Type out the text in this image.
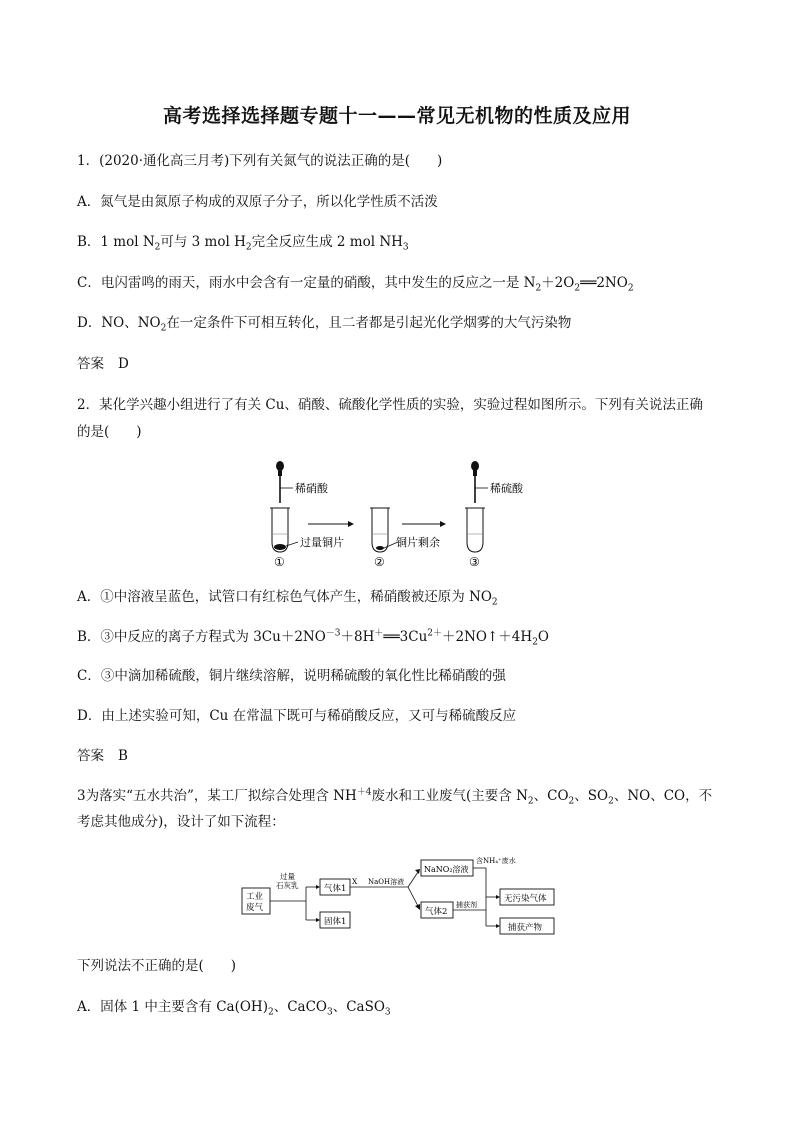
高考选择选择题专题十一——常见无机物的性质及应用
1．(2020·通化高三月考)下列有关氮气的说法正确的是(　　)
A．氮气是由氮原子构成的双原子分子，所以化学性质不活泼
B．1 mol $N_2$可与 3 mol $H_2$完全反应生成 2 mol $NH_3$
C．电闪雷鸣的雨天，雨水中会含有一定量的硝酸，其中发生的反应之一是 $N_2+2O_2══2NO_2$
D．NO、$NO_2$在一定条件下可相互转化，且二者都是引起光化学烟雾的大气污染物
答案 D
2．某化学兴趣小组进行了有关 Cu、硝酸、硫酸化学性质的实验，实验过程如图所示。下列有关说法正确
的是(　　)
稀硝酸
过量铜片
①
铜片剩余
②
稀硫酸
③
A．①中溶液呈蓝色，试管口有红棕色气体产生，稀硝酸被还原为 $NO_2$
B．③中反应的离子方程式为 $3Cu+2NO^{-3}+8H^+══3Cu^{2+}+2NO↑+4H_2O$
C．③中滴加稀硫酸，铜片继续溶解，说明稀硫酸的氧化性比稀硝酸的强
D．由上述实验可知，Cu 在常温下既可与稀硝酸反应，又可与稀硫酸反应
答案 B
3为落实“五水共治”，某工厂拟综合处理含 $NH^{+4}$废水和工业废气(主要含 $N_2$、$CO_2$、$SO_2$、NO、CO，不
考虑其他成分)，设计了如下流程：
工业
废气
过量
石灰乳	气体1
固体1
X NaOH溶液
NaNO₂溶液
含NH₄⁺废水
气体2
捕获剂
无污染气体
捕获产物
下列说法不正确的是(　　)
A．固体 1 中主要含有 $Ca(OH)_2$、CaCO$_3$、CaSO$_3$
